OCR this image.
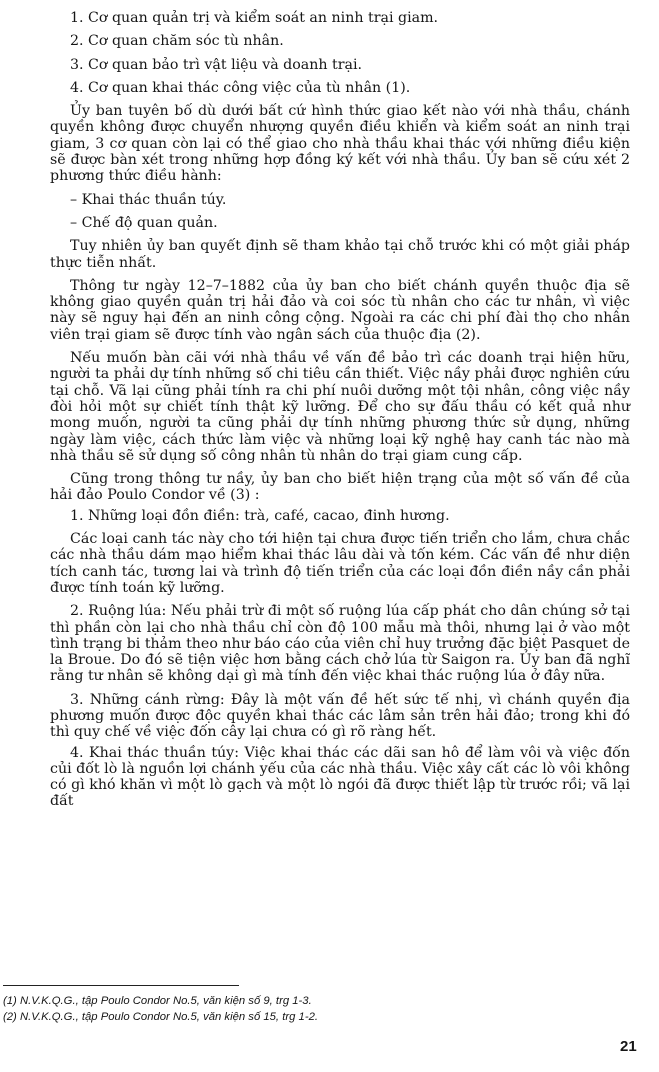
1. Cơ quan quản trị và kiểm soát an ninh trại giam.

2. Cơ quan chăm sóc tù nhân.

3. Cơ quan bảo trì vật liệu và doanh trại.

4. Cơ quan khai thác công việc của tù nhân (1).

Ủy ban tuyên bố dù dưới bất cứ hình thức giao kết nào với nhà thầu, chánh quyền không được chuyển nhượng quyền điều khiển và kiểm soát an ninh trại giam, 3 cơ quan còn lại có thể giao cho nhà thầu khai thác với những điều kiện sẽ được bàn xét trong những hợp đồng ký kết với nhà thầu. Ủy ban sẽ cứu xét 2 phương thức điều hành:

– Khai thác thuần túy.

– Chế độ quan quản.

Tuy nhiên ủy ban quyết định sẽ tham khảo tại chỗ trước khi có một giải pháp thực tiễn nhất.

Thông tư ngày 12–7–1882 của ủy ban cho biết chánh quyền thuộc địa sẽ không giao quyền quản trị hải đảo và coi sóc tù nhân cho các tư nhân, vì việc này sẽ nguy hại đến an ninh công cộng. Ngoài ra các chi phí đài thọ cho nhân viên trại giam sẽ được tính vào ngân sách của thuộc địa (2).

Nếu muốn bàn cãi với nhà thầu về vấn đề bảo trì các doanh trại hiện hữu, người ta phải dự tính những số chi tiêu cần thiết. Việc nầy phải được nghiên cứu tại chỗ. Vã lại cũng phải tính ra chi phí nuôi dưỡng một tội nhân, công việc nầy đòi hỏi một sự chiết tính thật kỹ lưỡng. Để cho sự đấu thầu có kết quả như mong muốn, người ta cũng phải dự tính những phương thức sử dụng, những ngày làm việc, cách thức làm việc và những loại kỹ nghệ hay canh tác nào mà nhà thầu sẽ sử dụng số công nhân tù nhân do trại giam cung cấp.

Cũng trong thông tư nầy, ủy ban cho biết hiện trạng của một số vấn đề của hải đảo Poulo Condor về (3) :

1. Những loại đồn điền: trà, café, cacao, đinh hương.

Các loại canh tác này cho tới hiện tại chưa được tiến triển cho lắm, chưa chắc các nhà thầu dám mạo hiểm khai thác lâu dài và tốn kém. Các vấn đề như diện tích canh tác, tương lai và trình độ tiến triển của các loại đồn điền nầy cần phải được tính toán kỹ lưỡng.

2. Ruộng lúa: Nếu phải trừ đi một số ruộng lúa cấp phát cho dân chúng sở tại thì phần còn lại cho nhà thầu chỉ còn độ 100 mẫu mà thôi, nhưng lại ở vào một tình trạng bi thảm theo như báo cáo của viên chỉ huy trưởng đặc biệt Pasquet de la Broue. Do đó sẽ tiện việc hơn bằng cách chở lúa từ Saigon ra. Ủy ban đã nghĩ rằng tư nhân sẽ không dại gì mà tính đến việc khai thác ruộng lúa ở đây nữa.

3. Những cánh rừng: Đây là một vấn đề hết sức tế nhị, vì chánh quyền địa phương muốn được độc quyền khai thác các lâm sản trên hải đảo; trong khi đó thì quy chế về việc đốn cây lại chưa có gì rõ ràng hết.

4. Khai thác thuần túy: Việc khai thác các dãi san hô để làm vôi và việc đốn củi đốt lò là nguồn lợi chánh yếu của các nhà thầu. Việc xây cất các lò vôi không có gì khó khăn vì một lò gạch và một lò ngói đã được thiết lập từ trước rồi; vã lại đất

(1) N.V.K.Q.G., tập Poulo Condor No.5, văn kiện số 9, trg 1-3.
(2) N.V.K.Q.G., tập Poulo Condor No.5, văn kiện số 15, trg 1-2.
21
